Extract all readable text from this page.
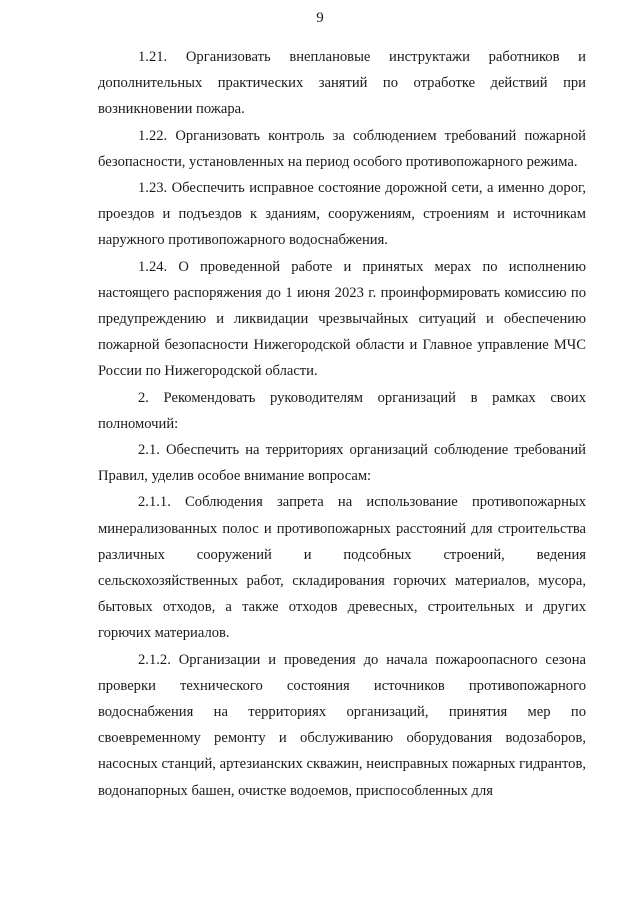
9

1.21. Организовать внеплановые инструктажи работников и дополнительных практических занятий по отработке действий при возникновении пожара.

1.22. Организовать контроль за соблюдением требований пожарной безопасности, установленных на период особого противопожарного режима.

1.23. Обеспечить исправное состояние дорожной сети, а именно дорог, проездов и подъездов к зданиям, сооружениям, строениям и источникам наружного противопожарного водоснабжения.

1.24. О проведенной работе и принятых мерах по исполнению настоящего распоряжения до 1 июня 2023 г. проинформировать комиссию по предупреждению и ликвидации чрезвычайных ситуаций и обеспечению пожарной безопасности Нижегородской области и Главное управление МЧС России по Нижегородской области.

2. Рекомендовать руководителям организаций в рамках своих полномочий:

2.1. Обеспечить на территориях организаций соблюдение требований Правил, уделив особое внимание вопросам:

2.1.1. Соблюдения запрета на использование противопожарных минерализованных полос и противопожарных расстояний для строительства различных сооружений и подсобных строений, ведения сельскохозяйственных работ, складирования горючих материалов, мусора, бытовых отходов, а также отходов древесных, строительных и других горючих материалов.

2.1.2. Организации и проведения до начала пожароопасного сезона проверки технического состояния источников противопожарного водоснабжения на территориях организаций, принятия мер по своевременному ремонту и обслуживанию оборудования водозаборов, насосных станций, артезианских скважин, неисправных пожарных гидрантов, водонапорных башен, очистке водоемов, приспособленных для
